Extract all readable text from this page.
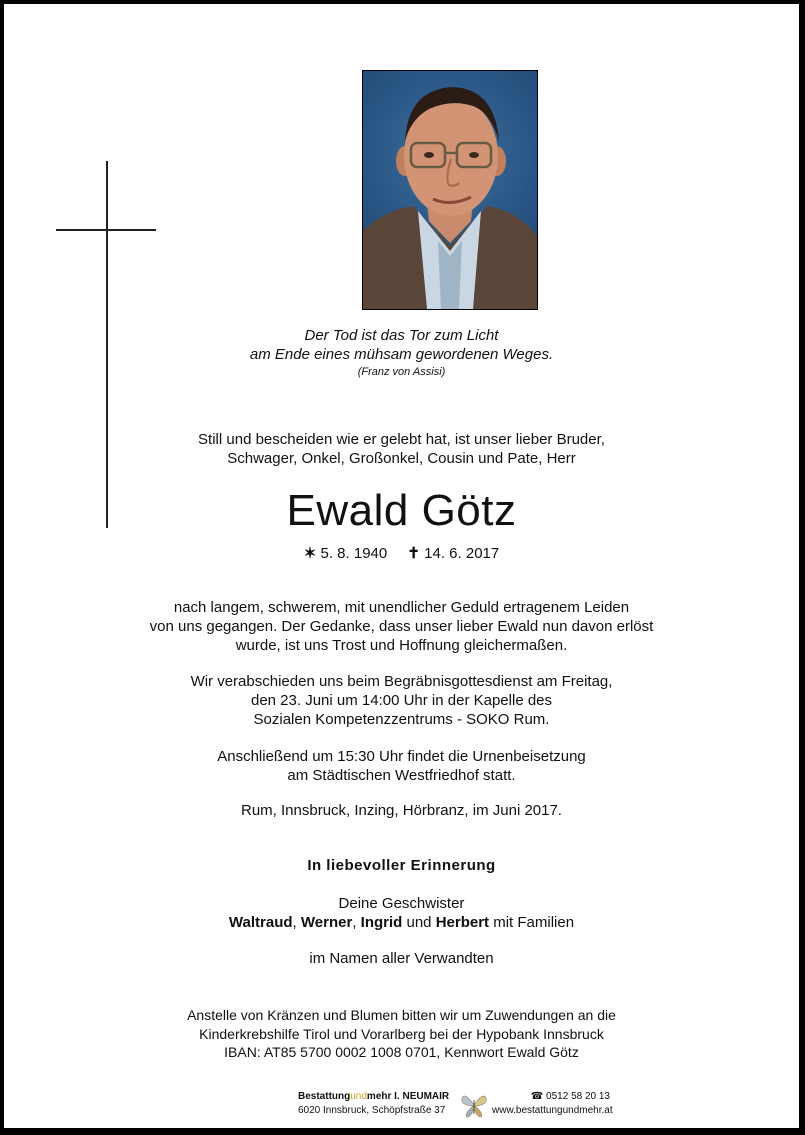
Der Tod ist das Tor zum Licht
am Ende eines mühsam gewordenen Weges.
(Franz von Assisi)
Still und bescheiden wie er gelebt hat, ist unser lieber Bruder,
Schwager, Onkel, Großonkel, Cousin und Pate, Herr
Ewald Götz
✶ 5. 8. 1940 ✝ 14. 6. 2017
nach langem, schwerem, mit unendlicher Geduld ertragenem Leiden
von uns gegangen. Der Gedanke, dass unser lieber Ewald nun davon erlöst
wurde, ist uns Trost und Hoffnung gleichermaßen.
Wir verabschieden uns beim Begräbnisgottesdienst am Freitag,
den 23. Juni um 14:00 Uhr in der Kapelle des
Sozialen Kompetenzzentrums - SOKO Rum.
Anschließend um 15:30 Uhr findet die Urnenbeisetzung
am Städtischen Westfriedhof statt.
Rum, Innsbruck, Inzing, Hörbranz, im Juni 2017.
In liebevoller Erinnerung
Deine Geschwister
Waltraud, Werner, Ingrid und Herbert mit Familien
im Namen aller Verwandten
Anstelle von Kränzen und Blumen bitten wir um Zuwendungen an die
Kinderkrebshilfe Tirol und Vorarlberg bei der Hypobank Innsbruck
IBAN: AT85 5700 0002 1008 0701, Kennwort Ewald Götz
Bestattungundmehr I. NEUMAIR
6020 Innsbruck, Schöpfstraße 37
☎ 0512 58 20 13
www.bestattungundmehr.at
